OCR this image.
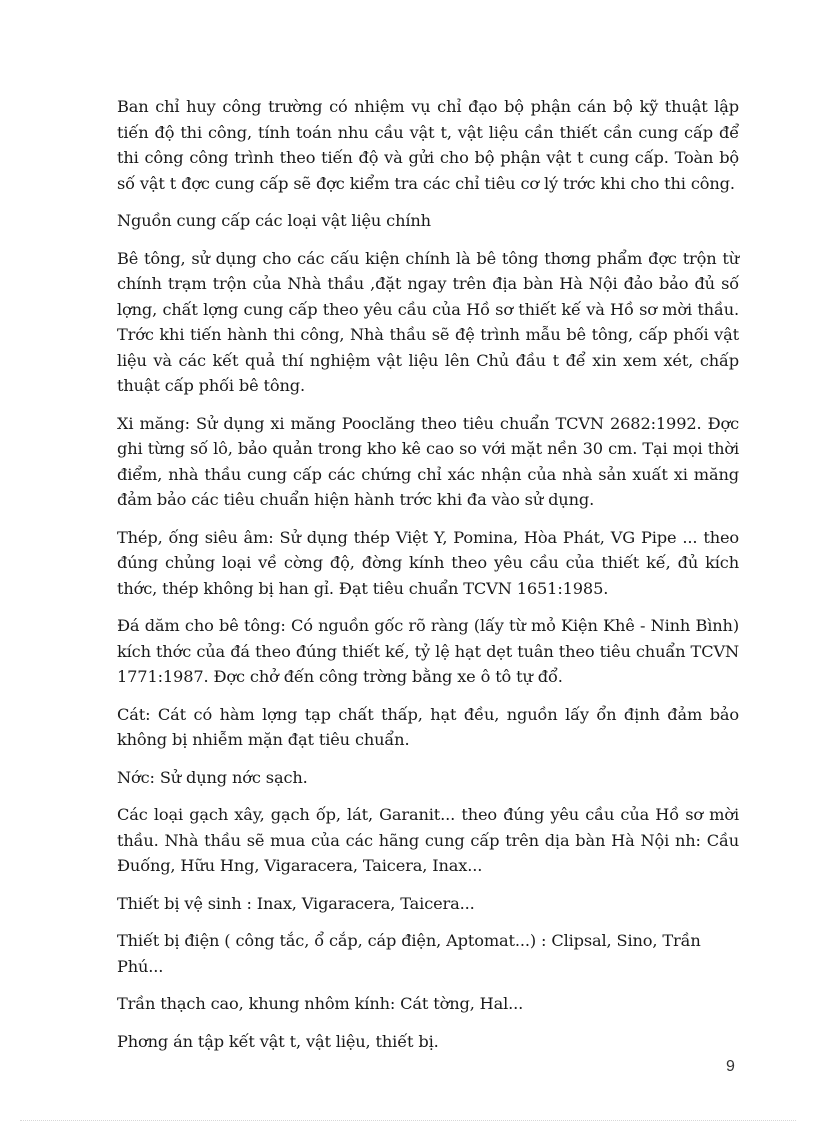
Ban chỉ huy công trường có nhiệm vụ chỉ đạo bộ phận cán bộ kỹ thuật lập tiến độ thi công, tính toán nhu cầu vật t, vật liệu cần thiết cần cung cấp để thi công công trình theo tiến độ và gửi cho bộ phận vật t cung cấp. Toàn bộ số vật t đợc cung cấp sẽ đợc kiểm tra các chỉ tiêu cơ lý trớc khi cho thi công.

Nguồn cung cấp các loại vật liệu chính

Bê tông, sử dụng cho các cấu kiện chính là bê tông thơng phẩm đợc trộn từ chính trạm trộn của Nhà thầu ,đặt ngay trên địa bàn Hà Nội đảo bảo đủ số lợng, chất lợng cung cấp theo yêu cầu của Hồ sơ thiết kế và Hồ sơ mời thầu. Trớc khi tiến hành thi công, Nhà thầu sẽ đệ trình mẫu bê tông, cấp phối vật liệu và các kết quả thí nghiệm vật liệu lên Chủ đầu t để xin xem xét, chấp thuật cấp phối bê tông.

Xi măng: Sử dụng xi măng Pooclăng theo tiêu chuẩn TCVN 2682:1992. Đợc ghi từng số lô, bảo quản trong kho kê cao so với mặt nền 30 cm. Tại mọi thời điểm, nhà thầu cung cấp các chứng chỉ xác nhận của nhà sản xuất xi măng đảm bảo các tiêu chuẩn hiện hành trớc khi đa vào sử dụng.

Thép, ống siêu âm: Sử dụng thép Việt Y, Pomina, Hòa Phát, VG Pipe ... theo đúng chủng loại về cờng độ, đờng kính theo yêu cầu của thiết kế, đủ kích thớc, thép không bị han gỉ. Đạt tiêu chuẩn TCVN 1651:1985.

Đá dăm cho bê tông: Có nguồn gốc rõ ràng (lấy từ mỏ Kiện Khê - Ninh Bình) kích thớc của đá theo đúng thiết kế, tỷ lệ hạt dẹt tuân theo tiêu chuẩn TCVN 1771:1987. Đợc chở đến công trờng bằng xe ô tô tự đổ.

Cát: Cát có hàm lợng tạp chất thấp, hạt đều, nguồn lấy ổn định đảm bảo không bị nhiễm mặn đạt tiêu chuẩn.

Nớc: Sử dụng nớc sạch.

Các loại gạch xây, gạch ốp, lát, Garanit... theo đúng yêu cầu của Hồ sơ mời thầu. Nhà thầu sẽ mua của các hãng cung cấp trên dịa bàn Hà Nội nh: Cầu Đuống, Hữu Hng, Vigaracera, Taicera, Inax...

Thiết bị vệ sinh : Inax, Vigaracera, Taicera...

Thiết bị điện ( công tắc, ổ cắp, cáp điện, Aptomat...) : Clipsal, Sino, Trần Phú...

Trần thạch cao, khung nhôm kính: Cát tờng, Hal...

Phơng án tập kết vật t, vật liệu, thiết bị.

9
